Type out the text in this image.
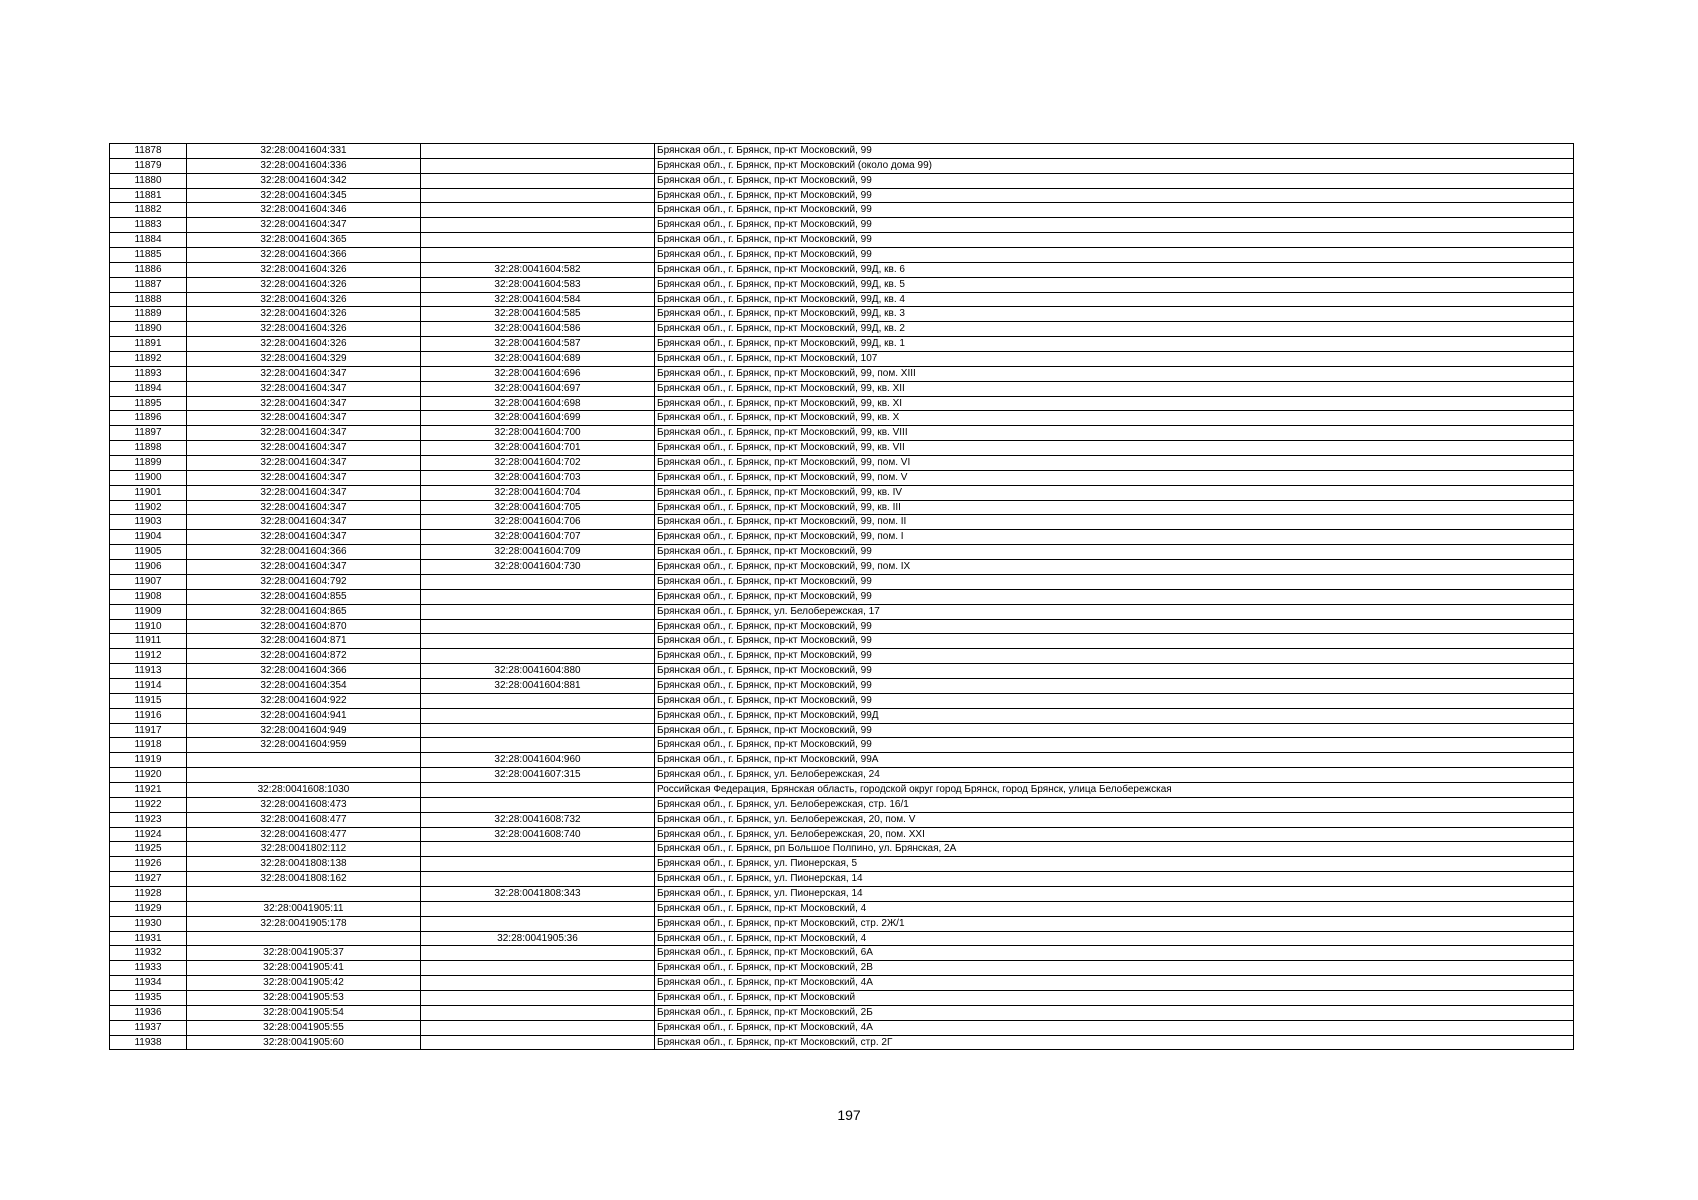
11878	32:28:0041604:331		Брянская обл., г. Брянск, пр-кт Московский, 99
11879	32:28:0041604:336		Брянская обл., г. Брянск, пр-кт Московский (около дома 99)
11880	32:28:0041604:342		Брянская обл., г. Брянск, пр-кт Московский, 99
11881	32:28:0041604:345		Брянская обл., г. Брянск, пр-кт Московский, 99
11882	32:28:0041604:346		Брянская обл., г. Брянск, пр-кт Московский, 99
11883	32:28:0041604:347		Брянская обл., г. Брянск, пр-кт Московский, 99
11884	32:28:0041604:365		Брянская обл., г. Брянск, пр-кт Московский, 99
11885	32:28:0041604:366		Брянская обл., г. Брянск, пр-кт Московский, 99
11886	32:28:0041604:326	32:28:0041604:582	Брянская обл., г. Брянск, пр-кт Московский, 99Д, кв. 6
11887	32:28:0041604:326	32:28:0041604:583	Брянская обл., г. Брянск, пр-кт Московский, 99Д, кв. 5
11888	32:28:0041604:326	32:28:0041604:584	Брянская обл., г. Брянск, пр-кт Московский, 99Д, кв. 4
11889	32:28:0041604:326	32:28:0041604:585	Брянская обл., г. Брянск, пр-кт Московский, 99Д, кв. 3
11890	32:28:0041604:326	32:28:0041604:586	Брянская обл., г. Брянск, пр-кт Московский, 99Д, кв. 2
11891	32:28:0041604:326	32:28:0041604:587	Брянская обл., г. Брянск, пр-кт Московский, 99Д, кв. 1
11892	32:28:0041604:329	32:28:0041604:689	Брянская обл., г. Брянск, пр-кт Московский, 107
11893	32:28:0041604:347	32:28:0041604:696	Брянская обл., г. Брянск, пр-кт Московский, 99, пом. XIII
11894	32:28:0041604:347	32:28:0041604:697	Брянская обл., г. Брянск, пр-кт Московский, 99, кв. XII
11895	32:28:0041604:347	32:28:0041604:698	Брянская обл., г. Брянск, пр-кт Московский, 99, кв. XI
11896	32:28:0041604:347	32:28:0041604:699	Брянская обл., г. Брянск, пр-кт Московский, 99, кв. X
11897	32:28:0041604:347	32:28:0041604:700	Брянская обл., г. Брянск, пр-кт Московский, 99, кв. VIII
11898	32:28:0041604:347	32:28:0041604:701	Брянская обл., г. Брянск, пр-кт Московский, 99, кв. VII
11899	32:28:0041604:347	32:28:0041604:702	Брянская обл., г. Брянск, пр-кт Московский, 99, пом. VI
11900	32:28:0041604:347	32:28:0041604:703	Брянская обл., г. Брянск, пр-кт Московский, 99, пом. V
11901	32:28:0041604:347	32:28:0041604:704	Брянская обл., г. Брянск, пр-кт Московский, 99, кв. IV
11902	32:28:0041604:347	32:28:0041604:705	Брянская обл., г. Брянск, пр-кт Московский, 99, кв. III
11903	32:28:0041604:347	32:28:0041604:706	Брянская обл., г. Брянск, пр-кт Московский, 99, пом. II
11904	32:28:0041604:347	32:28:0041604:707	Брянская обл., г. Брянск, пр-кт Московский, 99, пом. I
11905	32:28:0041604:366	32:28:0041604:709	Брянская обл., г. Брянск, пр-кт Московский, 99
11906	32:28:0041604:347	32:28:0041604:730	Брянская обл., г. Брянск, пр-кт Московский, 99, пом. IX
11907	32:28:0041604:792		Брянская обл., г. Брянск, пр-кт Московский, 99
11908	32:28:0041604:855		Брянская обл., г. Брянск, пр-кт Московский, 99
11909	32:28:0041604:865		Брянская обл., г. Брянск, ул. Белобережская, 17
11910	32:28:0041604:870		Брянская обл., г. Брянск, пр-кт Московский, 99
11911	32:28:0041604:871		Брянская обл., г. Брянск, пр-кт Московский, 99
11912	32:28:0041604:872		Брянская обл., г. Брянск, пр-кт Московский, 99
11913	32:28:0041604:366	32:28:0041604:880	Брянская обл., г. Брянск, пр-кт Московский, 99
11914	32:28:0041604:354	32:28:0041604:881	Брянская обл., г. Брянск, пр-кт Московский, 99
11915	32:28:0041604:922		Брянская обл., г. Брянск, пр-кт Московский, 99
11916	32:28:0041604:941		Брянская обл., г. Брянск, пр-кт Московский, 99Д
11917	32:28:0041604:949		Брянская обл., г. Брянск, пр-кт Московский, 99
11918	32:28:0041604:959		Брянская обл., г. Брянск, пр-кт Московский, 99
11919		32:28:0041604:960	Брянская обл., г. Брянск, пр-кт Московский, 99А
11920		32:28:0041607:315	Брянская обл., г. Брянск, ул. Белобережская, 24
11921	32:28:0041608:1030		Российская Федерация, Брянская область, городской округ город Брянск, город Брянск, улица Белобережская
11922	32:28:0041608:473		Брянская обл., г. Брянск, ул. Белобережская, стр. 16/1
11923	32:28:0041608:477	32:28:0041608:732	Брянская обл., г. Брянск, ул. Белобережская, 20, пом. V
11924	32:28:0041608:477	32:28:0041608:740	Брянская обл., г. Брянск, ул. Белобережская, 20, пом. XXI
11925	32:28:0041802:112		Брянская обл., г. Брянск, рп Большое Полпино, ул. Брянская, 2А
11926	32:28:0041808:138		Брянская обл., г. Брянск, ул. Пионерская, 5
11927	32:28:0041808:162		Брянская обл., г. Брянск, ул. Пионерская, 14
11928		32:28:0041808:343	Брянская обл., г. Брянск, ул. Пионерская, 14
11929	32:28:0041905:11		Брянская обл., г. Брянск, пр-кт Московский, 4
11930	32:28:0041905:178		Брянская обл., г. Брянск, пр-кт Московский, стр. 2Ж/1
11931		32:28:0041905:36	Брянская обл., г. Брянск, пр-кт Московский, 4
11932	32:28:0041905:37		Брянская обл., г. Брянск, пр-кт Московский, 6А
11933	32:28:0041905:41		Брянская обл., г. Брянск, пр-кт Московский, 2В
11934	32:28:0041905:42		Брянская обл., г. Брянск, пр-кт Московский, 4А
11935	32:28:0041905:53		Брянская обл., г. Брянск, пр-кт Московский
11936	32:28:0041905:54		Брянская обл., г. Брянск, пр-кт Московский, 2Б
11937	32:28:0041905:55		Брянская обл., г. Брянск, пр-кт Московский, 4А
11938	32:28:0041905:60		Брянская обл., г. Брянск, пр-кт Московский, стр. 2Г
197
